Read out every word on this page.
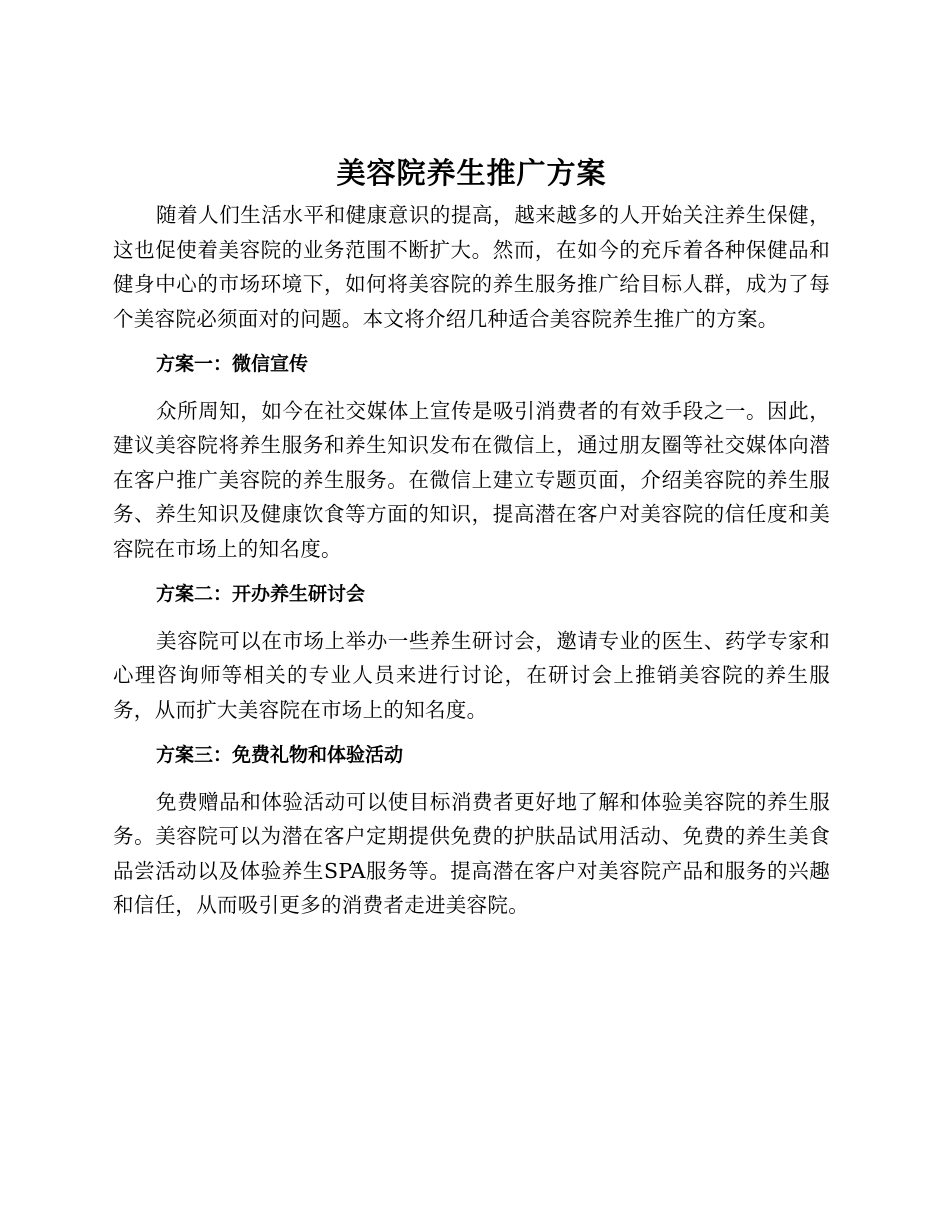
美容院养生推广方案

随着人们生活水平和健康意识的提高，越来越多的人开始关注养生保健，这也促使着美容院的业务范围不断扩大。然而，在如今的充斥着各种保健品和健身中心的市场环境下，如何将美容院的养生服务推广给目标人群，成为了每个美容院必须面对的问题。本文将介绍几种适合美容院养生推广的方案。

方案一：微信宣传

众所周知，如今在社交媒体上宣传是吸引消费者的有效手段之一。因此，建议美容院将养生服务和养生知识发布在微信上，通过朋友圈等社交媒体向潜在客户推广美容院的养生服务。在微信上建立专题页面，介绍美容院的养生服务、养生知识及健康饮食等方面的知识，提高潜在客户对美容院的信任度和美容院在市场上的知名度。

方案二：开办养生研讨会

美容院可以在市场上举办一些养生研讨会，邀请专业的医生、药学专家和心理咨询师等相关的专业人员来进行讨论，在研讨会上推销美容院的养生服务，从而扩大美容院在市场上的知名度。

方案三：免费礼物和体验活动

免费赠品和体验活动可以使目标消费者更好地了解和体验美容院的养生服务。美容院可以为潜在客户定期提供免费的护肤品试用活动、免费的养生美食品尝活动以及体验养生SPA服务等。提高潜在客户对美容院产品和服务的兴趣和信任，从而吸引更多的消费者走进美容院。
